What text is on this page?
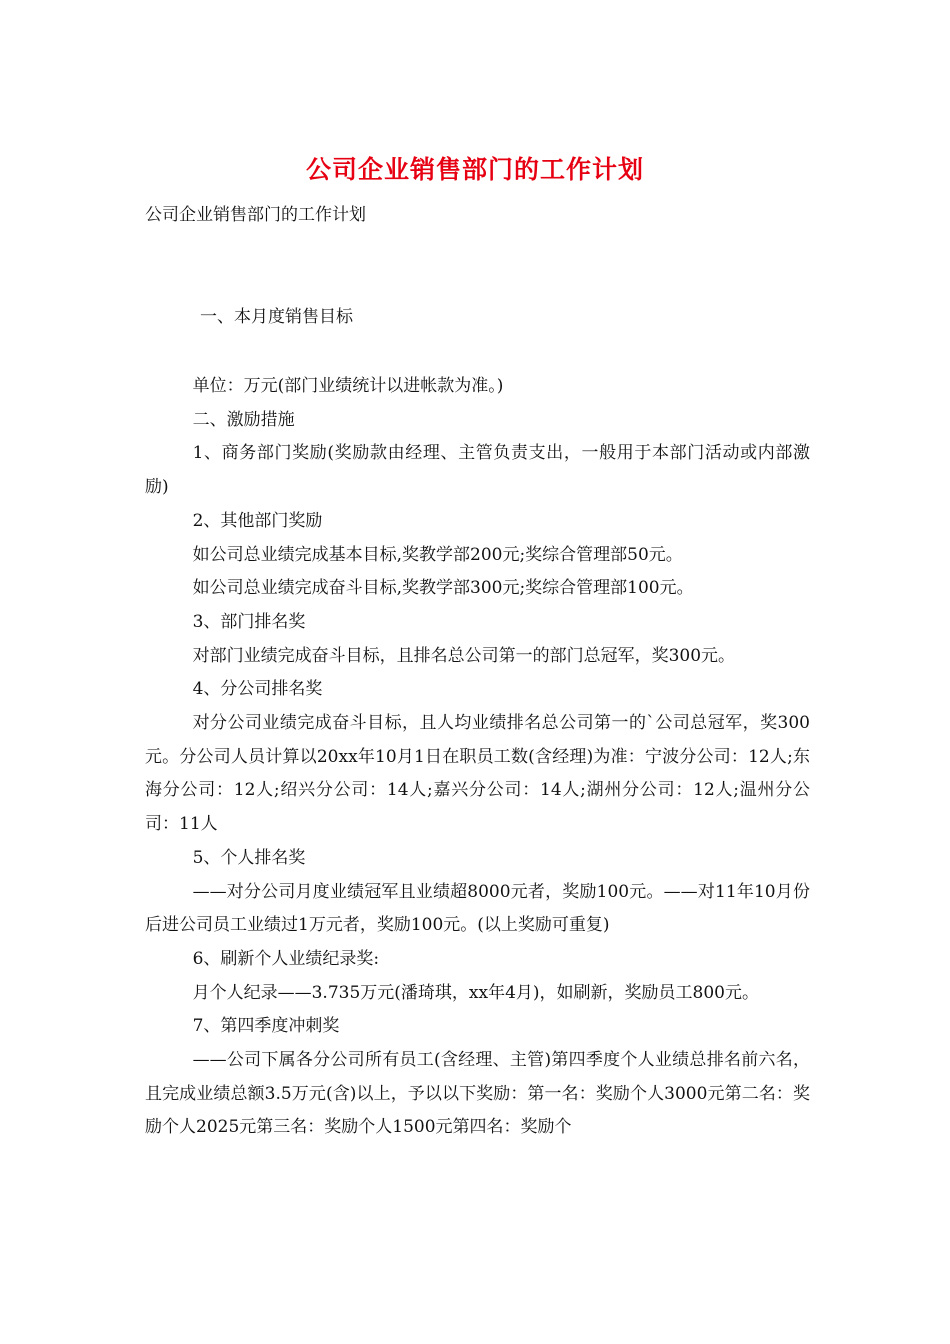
公司企业销售部门的工作计划
公司企业销售部门的工作计划
一、本月度销售目标

单位：万元(部门业绩统计以进帐款为准。)

二、激励措施

1、商务部门奖励(奖励款由经理、主管负责支出，一般用于本部门活动或内部激励)

2、其他部门奖励

如公司总业绩完成基本目标,奖教学部200元;奖综合管理部50元。

如公司总业绩完成奋斗目标,奖教学部300元;奖综合管理部100元。

3、部门排名奖

对部门业绩完成奋斗目标，且排名总公司第一的部门总冠军，奖300元。

4、分公司排名奖

对分公司业绩完成奋斗目标，且人均业绩排名总公司第一的`公司总冠军，奖300元。分公司人员计算以20xx年10月1日在职员工数(含经理)为准：宁波分公司：12人;东海分公司：12人;绍兴分公司：14人;嘉兴分公司：14人;湖州分公司：12人;温州分公司：11人

5、个人排名奖

——对分公司月度业绩冠军且业绩超8000元者，奖励100元。——对11年10月份后进公司员工业绩过1万元者，奖励100元。(以上奖励可重复)

6、刷新个人业绩纪录奖:

月个人纪录——3.735万元(潘琦琪，xx年4月)，如刷新，奖励员工800元。

7、第四季度冲刺奖

——公司下属各分公司所有员工(含经理、主管)第四季度个人业绩总排名前六名，且完成业绩总额3.5万元(含)以上，予以以下奖励：第一名：奖励个人3000元第二名：奖励个人2025元第三名：奖励个人1500元第四名：奖励个
